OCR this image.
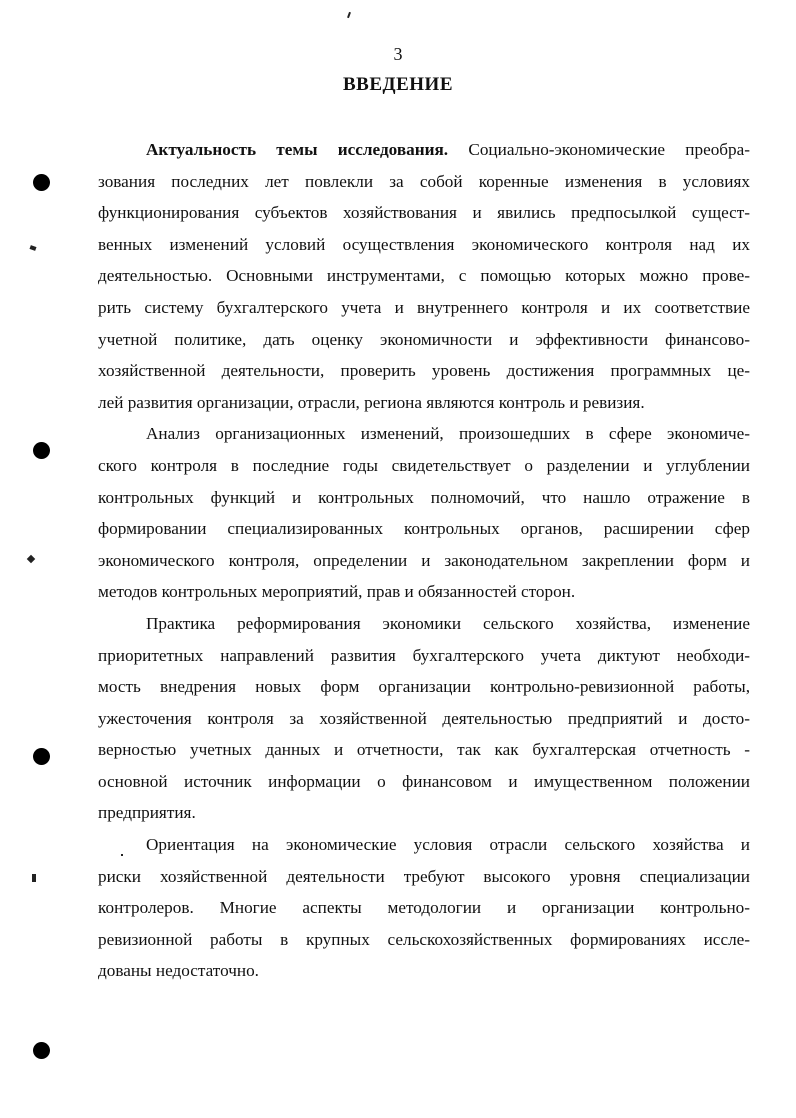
3
ВВЕДЕНИЕ
Актуальность темы исследования. Социально-экономические преобра-
зования последних лет повлекли за собой коренные изменения в условиях
функционирования субъектов хозяйствования и явились предпосылкой сущест-
венных изменений условий осуществления экономического контроля над их
деятельностью. Основными инструментами, с помощью которых можно прове-
рить систему бухгалтерского учета и внутреннего контроля и их соответствие
учетной политике, дать оценку экономичности и эффективности финансово-
хозяйственной деятельности, проверить уровень достижения программных це-
лей развития организации, отрасли, региона являются контроль и ревизия.
Анализ организационных изменений, произошедших в сфере экономиче-
ского контроля в последние годы свидетельствует о разделении и углублении
контрольных функций и контрольных полномочий, что нашло отражение в
формировании специализированных контрольных органов, расширении сфер
экономического контроля, определении и законодательном закреплении форм и
методов контрольных мероприятий, прав и обязанностей сторон.
Практика реформирования экономики сельского хозяйства, изменение
приоритетных направлений развития бухгалтерского учета диктуют необходи-
мость внедрения новых форм организации контрольно-ревизионной работы,
ужесточения контроля за хозяйственной деятельностью предприятий и досто-
верностью учетных данных и отчетности, так как бухгалтерская отчетность -
основной источник информации о финансовом и имущественном положении
предприятия.
Ориентация на экономические условия отрасли сельского хозяйства и
риски хозяйственной деятельности требуют высокого уровня специализации
контролеров. Многие аспекты методологии и организации контрольно-
ревизионной работы в крупных сельскохозяйственных формированиях иссле-
дованы недостаточно.
